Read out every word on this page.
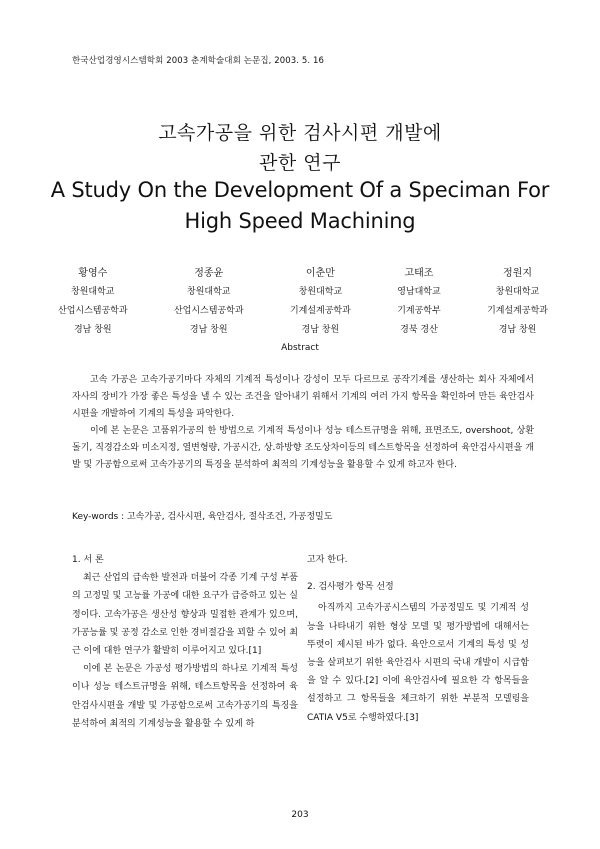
한국산업경영시스템학회 2003 춘계학술대회 논문집, 2003. 5. 16
고속가공을 위한 검사시편 개발에
관한 연구
A Study On the Development Of a Speciman For
High Speed Machining
황영수
창원대학교
산업시스템공학과
경남 창원
정종윤
창원대학교
산업시스템공학과
경남 창원
이춘만
창원대학교
기계설계공학과
경남 창원
고태조
영남대학교
기계공학부
경북 경산
정원지
창원대학교
기계설계공학과
경남 창원
Abstract

고속 가공은 고속가공기마다 자체의 기계적 특성이나 강성이 모두 다르므로 공작기계를 생산하는 회사 자체에서 자사의 장비가 가장 좋은 특성을 낼 수 있는 조건을 알아내기 위해서 기계의 여러 가지 항목을 확인하여 만든 육안검사 시편을 개발하여 기계의 특성을 파악한다.

이에 본 논문은 고품위가공의 한 방법으로 기계적 특성이나 성능 테스트규명을 위해, 표면조도, overshoot, 상환돌기, 직경감소와 미소지정, 열변형량, 가공시간, 상.하방향 조도상차이등의 테스트항목을 선정하여 육안검사시편을 개발 및 가공함으로써 고속가공기의 특징을 분석하여 최적의 기계성능을 활용할 수 있게 하고자 한다.

Key-words : 고속가공, 검사시편, 육안검사, 절삭조건, 가공정밀도
1. 서 론

최근 산업의 급속한 발전과 더불어 각종 기계 구성 부품의 고정밀 및 고능률 가공에 대한 요구가 급증하고 있는 실정이다. 고속가공은 생산성 향상과 밀접한 관계가 있으며, 가공능률 및 공정 감소로 인한 경비절감을 꾀할 수 있어 최근 이에 대한 연구가 활발히 이루어지고 있다.[1]

이에 본 논문은 가공성 평가방법의 하나로 기계적 특성이나 성능 테스트규명을 위해, 테스트항목을 선정하여 육안검사시편을 개발 및 가공함으로써 고속가공기의 특징을 분석하여 최적의 기계성능을 활용할 수 있게 하

고자 한다.
2. 검사평가 항목 선정

아직까지 고속가공시스템의 가공정밀도 및 기계적 성능을 나타내기 위한 형상 모델 및 평가방법에 대해서는 뚜렷이 제시된 바가 없다. 육안으로서 기계의 특성 및 성능을 살펴보기 위한 육안검사 시편의 국내 개발이 시급함을 알 수 있다.[2] 이에 육안검사에 필요한 각 항목들을 설정하고 그 항목들을 체크하기 위한 부분적 모델링을 CATIA V5로 수행하였다.[3]

203
